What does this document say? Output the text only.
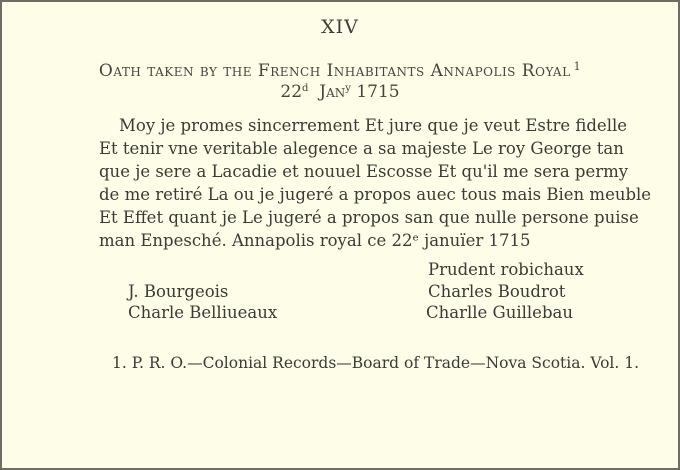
XIV
Oath taken by the French Inhabitants Annapolis Royal $^1$
22$^d$ Jan$^y$ 1715
Moy je promes sincerrement Et jure que je veut Estre fidelle
Et tenir vne veritable alegence a sa majeste Le roy George tan
que je sere a Lacadie et nouuel Escosse Et qu'il me sera permy
de me retiré La ou je jugeré a propos auec tous mais Bien meuble
Et Effet quant je Le jugeré a propos san que nulle persone puise
man Enpesché. Annapolis royal ce 22ᵉ januïer 1715
Prudent robichaux
J. Bourgeois	Charles Boudrot
Charle Belliueaux	Charlle Guillebau
1. P. R. O.—Colonial Records—Board of Trade—Nova Scotia. Vol. 1.
